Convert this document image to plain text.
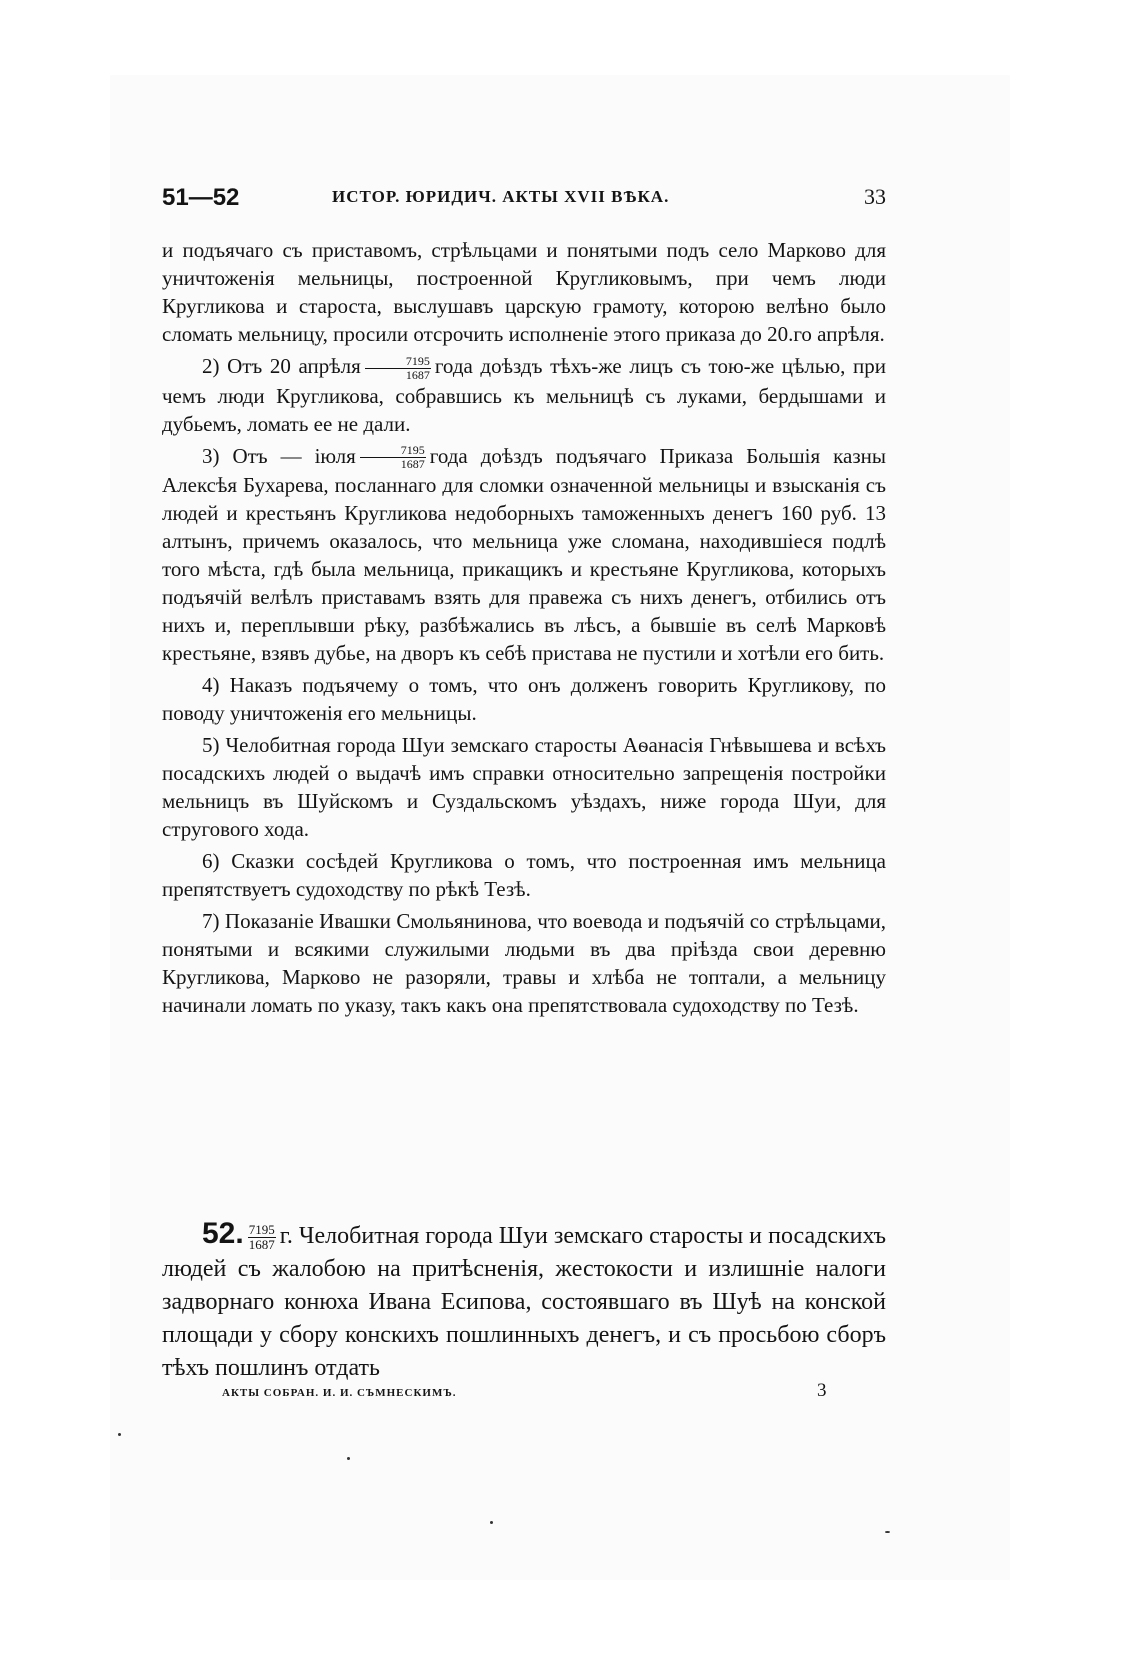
51—52	ИСТОР. ЮРИДИЧ. АКТЫ XVII ВѢКА.	33

и подъячаго съ приставомъ, стрѣльцами и понятыми подъ село Марково для уничтоженія мельницы, построенной Кругликовымъ, при чемъ люди Кругликова и староста, выслушавъ царскую грамоту, которою велѣно было сломать мельницу, просили отсрочить исполненіе этого приказа до 20.го апрѣля.

2) Отъ 20 апрѣля $\frac{7195}{1687}$ года доѣздъ тѣхъ-же лицъ съ тою-же цѣлью, при чемъ люди Кругликова, собравшись къ мельницѣ съ луками, бердышами и дубьемъ, ломать ее не дали.

3) Отъ — іюля $\frac{7195}{1687}$ года доѣздъ подъячаго Приказа Большія казны Алексѣя Бухарева, посланнаго для сломки означенной мельницы и взысканія съ людей и крестьянъ Кругликова недоборныхъ таможенныхъ денегъ 160 руб. 13 алтынъ, причемъ оказалось, что мельница уже сломана, находившіеся подлѣ того мѣста, гдѣ была мельница, прикащикъ и крестьяне Кругликова, которыхъ подъячій велѣлъ приставамъ взять для правежа съ нихъ денегъ, отбились отъ нихъ и, переплывши рѣку, разбѣжались въ лѣсъ, а бывшіе въ селѣ Марковѣ крестьяне, взявъ дубье, на дворъ къ себѣ пристава не пустили и хотѣли его бить.

4) Наказъ подъячему о томъ, что онъ долженъ говорить Кругликову, по поводу уничтоженія его мельницы.

5) Челобитная города Шуи земскаго старосты Аѳанасія Гнѣвышева и всѣхъ посадскихъ людей о выдачѣ имъ справки относительно запрещенія постройки мельницъ въ Шуйскомъ и Суздальскомъ уѣздахъ, ниже города Шуи, для стругового хода.

6) Сказки сосѣдей Кругликова о томъ, что построенная имъ мельница препятствуетъ судоходству по рѣкѣ Тезѣ.

7) Показаніе Ивашки Смольянинова, что воевода и подъячій со стрѣльцами, понятыми и всякими служилыми людьми въ два пріѣзда свои деревню Кругликова, Марково не разоряли, травы и хлѣба не топтали, а мельницу начинали ломать по указу, такъ какъ она препятствовала судоходству по Тезѣ.

52. $\frac{7195}{1687} г$. Челобитная города Шуи земскаго старосты и посадскихъ людей съ жалобою на притѣсненія, жестокости и излишніе налоги задворнаго конюха Ивана Есипова, состоявшаго въ Шуѣ на конской площади у сбору конскихъ пошлинныхъ денегъ, и съ просьбою сборъ тѣхъ пошлинъ отдать
АКТЫ СОБРАН. И. И. СЪМНЕСКИМЪ.	3
